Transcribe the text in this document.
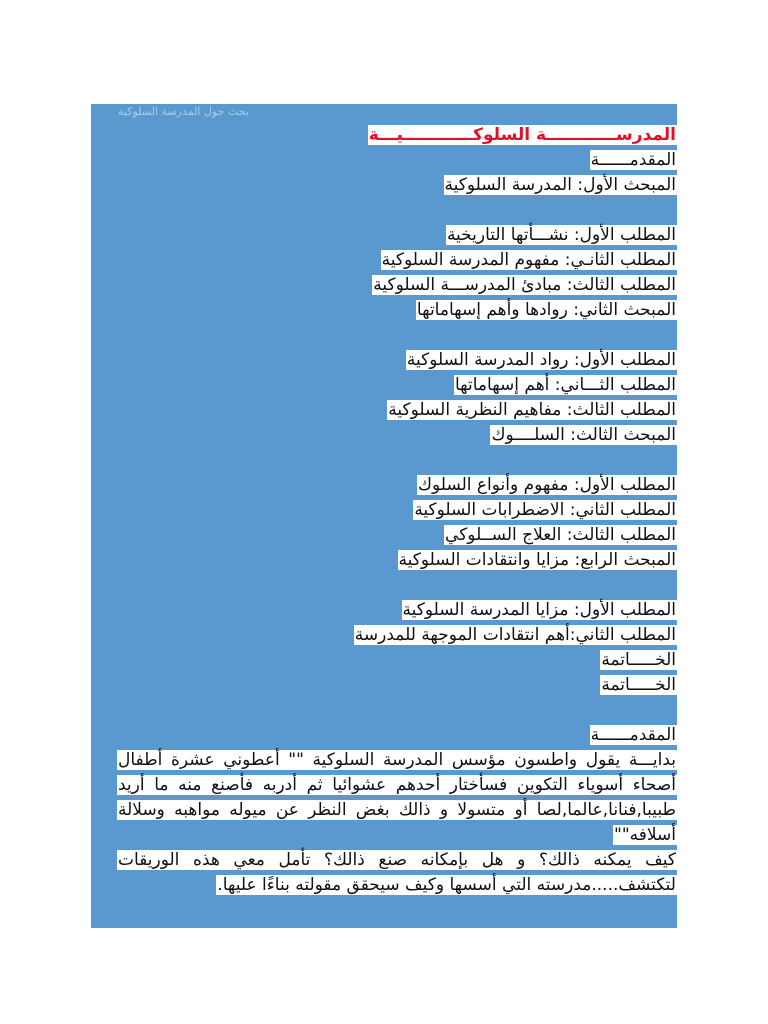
بحث حول المدرسة السلوكية
المدرســــــــــــة السلوكــــــــــــيـــة
المقدمــــــة
المبحث الأول: المدرسة السلوكية
المطلب الأول: نشـــأتها التاريخية
المطلب الثانـي: مفهوم المدرسة السلوكية
المطلب الثالث: مبادئ المدرســـة السلوكية
المبحث الثاني: روادها وأهم إسهاماتها
المطلب الأول: رواد المدرسة السلوكية
المطلب الثـــاني: أهم إسهاماتها
المطلب الثالث: مفاهيم النظرية السلوكية
المبحث الثالث: السلــــوك
المطلب الأول: مفهوم وأنواع السلوك
المطلب الثاني: الاضطرابات السلوكية
المطلب الثالث: العلاج الســلوكي
المبحث الرابع: مزايا وانتقادات السلوكية
المطلب الأول: مزايا المدرسة السلوكية
المطلب الثاني:أهم انتقادات الموجهة للمدرسة
الخـــــاتمة
الخـــــاتمة
المقدمــــــة
بدايـــة يقول واطسون مؤسس المدرسة السلوكية "" أعطوني عشرة أطفال أصحاء أسوياء التكوين فسأختار أحدهم عشوائيا ثم أدربه فأصنع منه ما أريد طبيبا,فنانا,عالما,لصا أو متسولا و ذالك بغض النظر عن ميوله مواهبه وسلالة أسلافه""
كيف يمكنه ذالك؟ و هل بإمكانه صنع ذالك؟ تأمل معي هذه الوريقات لتكتشف.....مدرسته التي أسسها وكيف سيحقق مقولته بناءًا عليها.
